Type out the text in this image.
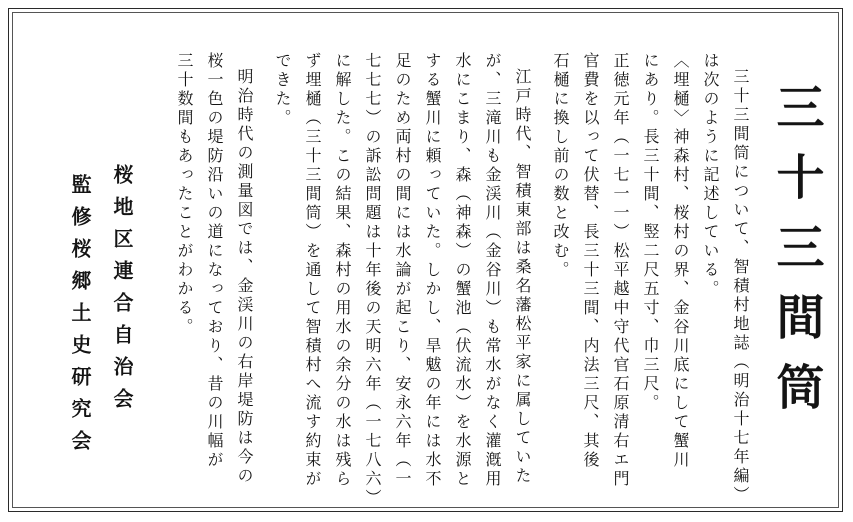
三十三間筒
三十三間筒について、智積村地誌（明治十七年編）
は次のように記述している。
〈埋樋〉神森村、桜村の界、金谷川底にして蟹川
にあり。長三十間、竪二尺五寸、巾三尺。
正徳元年（一七一一）松平越中守代官石原清右エ門
官費を以って伏替、長三十三間、内法三尺、其後
石樋に換し前の数と改む。
江戸時代、智積東部は桑名藩松平家に属していた
が、三滝川も金渓川（金谷川）も常水がなく灌漑用
水にこまり、森（神森）の蟹池（伏流水）を水源と
する蟹川に頼っていた。しかし、旱魃の年には水不
足のため両村の間には水論が起こり、安永六年（一
七七七）の訴訟問題は十年後の天明六年（一七八六）
に解した。この結果、森村の用水の余分の水は残ら
ず埋樋（三十三間筒）を通して智積村へ流す約束が
できた。
明治時代の測量図では、金渓川の右岸堤防は今の
桜一色の堤防沿いの道になっており、昔の川幅が
三十数間もあったことがわかる。
桜地区連合自治会
監修桜郷土史研究会
